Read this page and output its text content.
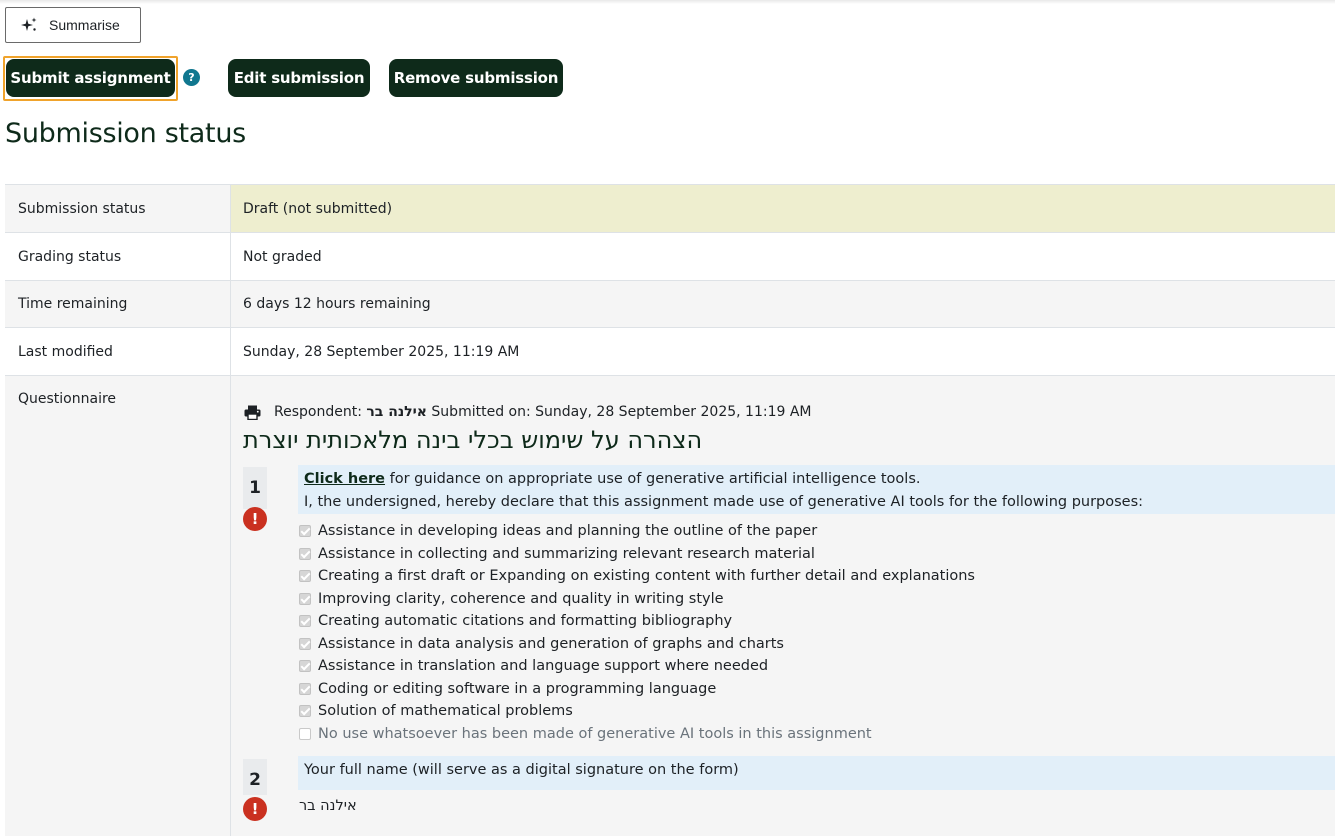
Summarise
Submit assignment	?	Edit submission	Remove submission
Submission status
Submission status	Draft (not submitted)
Grading status	Not graded
Time remaining	6 days 12 hours remaining
Last modified	Sunday, 28 September 2025, 11:19 AM
Questionnaire
Respondent:
אילנה בר
Submitted on: Sunday, 28 September 2025, 11:19 AM
הצהרה על שימוש בכלי בינה מלאכותית יוצרת
1
!
Click here for guidance on appropriate use of generative artificial intelligence tools.
I, the undersigned, hereby declare that this assignment made use of generative AI tools for the following purposes:
Assistance in developing ideas and planning the outline of the paper
Assistance in collecting and summarizing relevant research material
Creating a first draft or Expanding on existing content with further detail and explanations
Improving clarity, coherence and quality in writing style
Creating automatic citations and formatting bibliography
Assistance in data analysis and generation of graphs and charts
Assistance in translation and language support where needed
Coding or editing software in a programming language
Solution of mathematical problems
No use whatsoever has been made of generative AI tools in this assignment
2
!
Your full name (will serve as a digital signature on the form)
אילנה בר
